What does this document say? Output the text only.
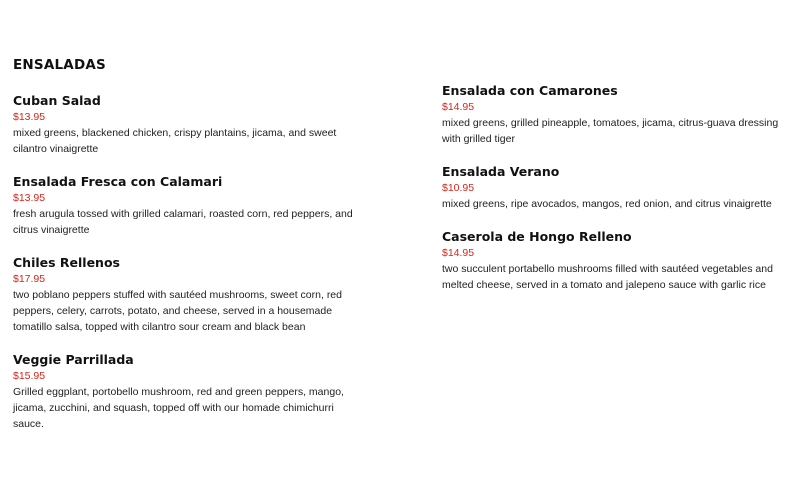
ENSALADAS
Cuban Salad

$13.95

mixed greens, blackened chicken, crispy plantains, jicama, and sweet
cilantro vinaigrette

Ensalada Fresca con Calamari

$13.95

fresh arugula tossed with grilled calamari, roasted corn, red peppers, and
citrus vinaigrette

Chiles Rellenos

$17.95

two poblano peppers stuffed with sautéed mushrooms, sweet corn, red
peppers, celery, carrots, potato, and cheese, served in a housemade
tomatillo salsa, topped with cilantro sour cream and black bean

Veggie Parrillada

$15.95

Grilled eggplant, portobello mushroom, red and green peppers, mango,
jicama, zucchini, and squash, topped off with our homade chimichurri
sauce.

Ensalada con Camarones

$14.95

mixed greens, grilled pineapple, tomatoes, jicama, citrus-guava dressing
with grilled tiger

Ensalada Verano

$10.95

mixed greens, ripe avocados, mangos, red onion, and citrus vinaigrette

Caserola de Hongo Relleno

$14.95

two succulent portabello mushrooms filled with sautéed vegetables and
melted cheese, served in a tomato and jalepeno sauce with garlic rice
